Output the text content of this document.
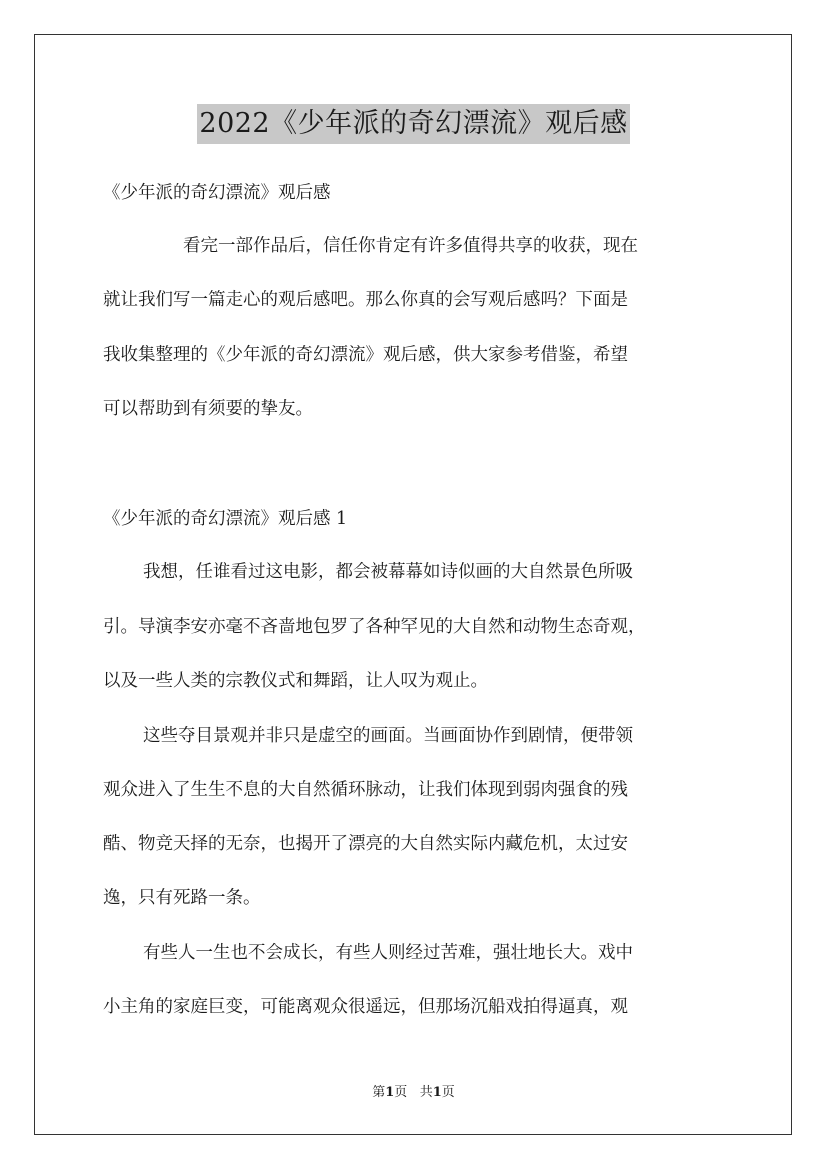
2022《少年派的奇幻漂流》观后感

《少年派的奇幻漂流》观后感

看完一部作品后，信任你肯定有许多值得共享的收获，现在

就让我们写一篇走心的观后感吧。那么你真的会写观后感吗？下面是

我收集整理的《少年派的奇幻漂流》观后感，供大家参考借鉴，希望

可以帮助到有须要的挚友。

《少年派的奇幻漂流》观后感 1

我想，任谁看过这电影，都会被幕幕如诗似画的大自然景色所吸

引。导演李安亦毫不吝啬地包罗了各种罕见的大自然和动物生态奇观，

以及一些人类的宗教仪式和舞蹈，让人叹为观止。

这些夺目景观并非只是虚空的画面。当画面协作到剧情，便带领

观众进入了生生不息的大自然循环脉动，让我们体现到弱肉强食的残

酷、物竞天择的无奈，也揭开了漂亮的大自然实际内藏危机，太过安

逸，只有死路一条。

有些人一生也不会成长，有些人则经过苦难，强壮地长大。戏中

小主角的家庭巨变，可能离观众很遥远，但那场沉船戏拍得逼真，观

第1页 共1页
